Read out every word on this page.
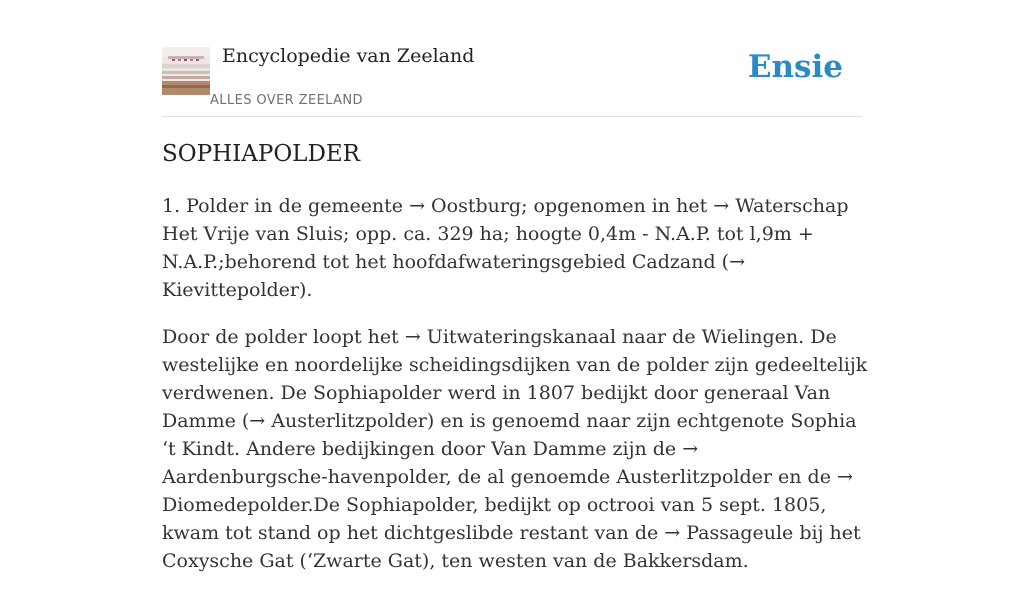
Encyclopedie van Zeeland
ALLES OVER ZEELAND
Ensie
SOPHIAPOLDER

1. Polder in de gemeente → Oostburg; opgenomen in het → Waterschap Het Vrije van Sluis; opp. ca. 329 ha; hoogte 0,4m - N.A.P. tot l,9m + N.A.P.;behorend tot het hoofdafwateringsgebied Cadzand (→ Kievittepolder).

Door de polder loopt het → Uitwateringskanaal naar de Wielingen. De westelijke en noordelijke scheidingsdijken van de polder zijn gedeeltelijk verdwenen. De Sophiapolder werd in 1807 bedijkt door generaal Van Damme (→ Austerlitzpolder) en is genoemd naar zijn echtgenote Sophia ‘t Kindt. Andere bedijkingen door Van Damme zijn de → Aardenburgsche-havenpolder, de al genoemde Austerlitzpolder en de → Diomedepolder.De Sophiapolder, bedijkt op octrooi van 5 sept. 1805, kwam tot stand op het dichtgeslibde restant van de → Passageule bij het Coxysche Gat (‘Zwarte Gat), ten westen van de Bakkersdam.
